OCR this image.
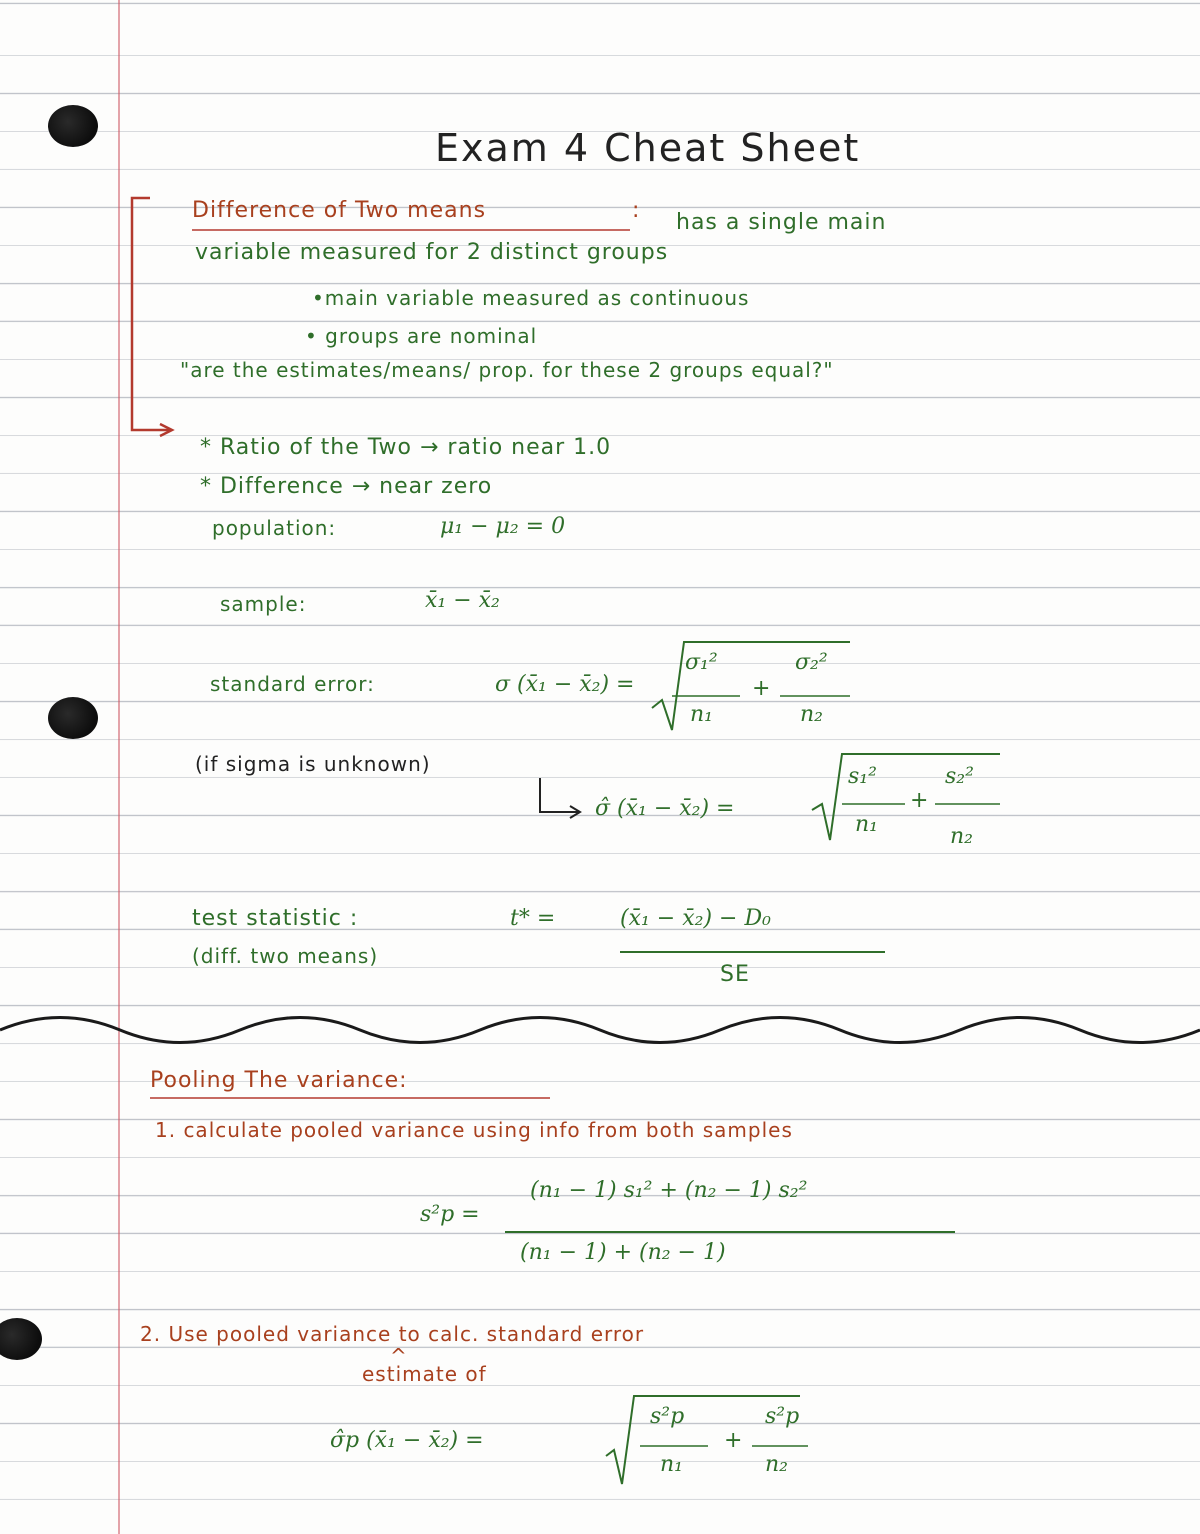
Exam 4 Cheat Sheet
Difference of Two means	: has a single main
variable measured for 2 distinct groups
•main variable measured as continuous
• groups are nominal
"are the estimates/means/ prop. for these 2 groups equal?"
* Ratio of the Two → ratio near 1.0
* Difference → near zero
population:	μ₁ − μ₂ = 0
sample:	x̄₁ − x̄₂
standard error:	σ (x̄₁ − x̄₂) =
σ₁²
n₁
+
σ₂²
n₂
(if sigma is unknown)
σ̂ (x̄₁ − x̄₂) =
s₁²
n₁
+
s₂²
n₂
test statistic :
(diff. two means)
t* =	(x̄₁ − x̄₂) − D₀
SE
Pooling The variance:
1. calculate pooled variance using info from both samples
s²p =
(n₁ − 1) s₁² + (n₂ − 1) s₂²
(n₁ − 1) + (n₂ − 1)
2. Use pooled variance to calc. standard error
^
estimate of
σ̂p (x̄₁ − x̄₂) =
s²p
n₁
+
s²p
n₂
